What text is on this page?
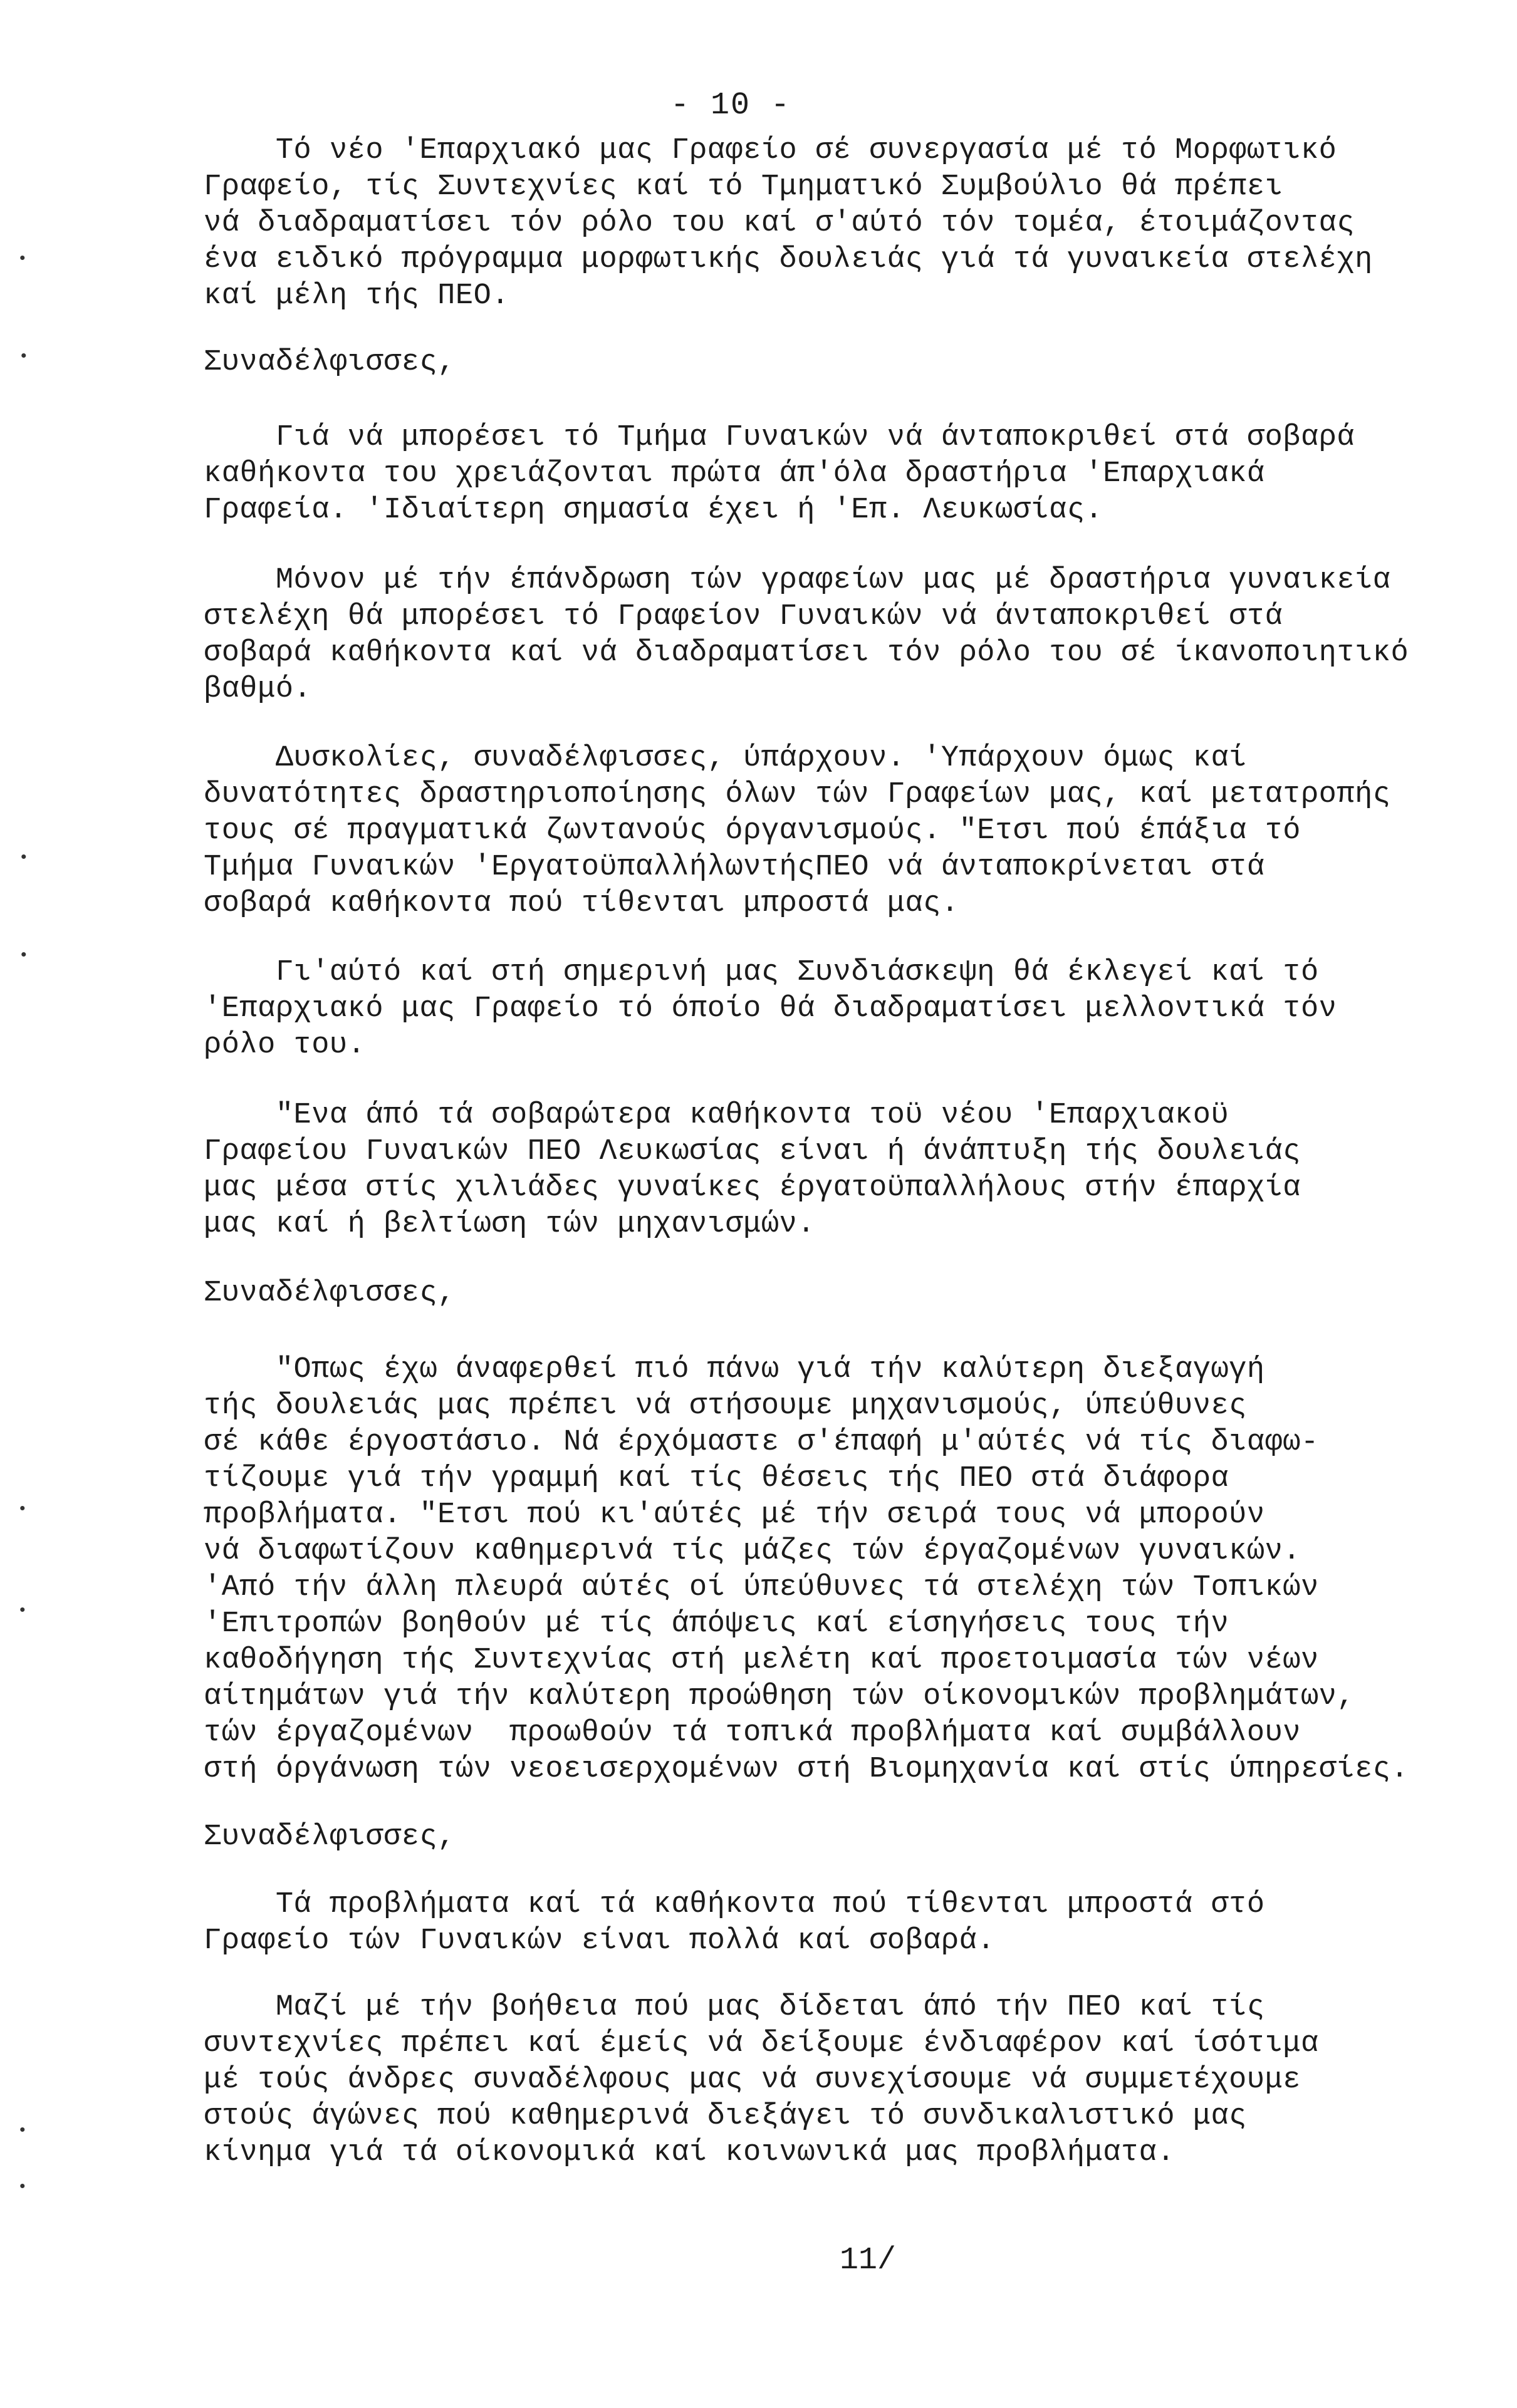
- 10 -
Τό νέο 'Επαρχιακό μας Γραφείο σέ συνεργασία μέ τό Μορφωτικό
Γραφείο, τίς Συντεχνίες καί τό Τμηματικό Συμβούλιο θά πρέπει
νά διαδραματίσει τόν ρόλο του καί σ'αύτό τόν τομέα, έτοιμάζοντας
ένα ειδικό πρόγραμμα μορφωτικής δουλειάς γιά τά γυναικεία στελέχη
καί μέλη τής ΠΕΟ.
Συναδέλφισσες,
Γιά νά μπορέσει τό Τμήμα Γυναικών νά άνταποκριθεί στά σοβαρά
καθήκοντα του χρειάζονται πρώτα άπ'όλα δραστήρια 'Επαρχιακά
Γραφεία. 'Ιδιαίτερη σημασία έχει ή 'Επ. Λευκωσίας.
Μόνον μέ τήν έπάνδρωση τών γραφείων μας μέ δραστήρια γυναικεία
στελέχη θά μπορέσει τό Γραφείον Γυναικών νά άνταποκριθεί στά
σοβαρά καθήκοντα καί νά διαδραματίσει τόν ρόλο του σέ ίκανοποιητικό
βαθμό.
Δυσκολίες, συναδέλφισσες, ύπάρχουν. 'Υπάρχουν όμως καί
δυνατότητες δραστηριοποίησης όλων τών Γραφείων μας, καί μετατροπής
τους σέ πραγματικά ζωντανούς όργανισμούς. "Ετσι πού έπάξια τό
Τμήμα Γυναικών 'ΕργατοϋπαλλήλωντήςΠΕΟ νά άνταποκρίνεται στά
σοβαρά καθήκοντα πού τίθενται μπροστά μας.
Γι'αύτό καί στή σημερινή μας Συνδιάσκεψη θά έκλεγεί καί τό
'Επαρχιακό μας Γραφείο τό όποίο θά διαδραματίσει μελλοντικά τόν
ρόλο του.
"Ενα άπό τά σοβαρώτερα καθήκοντα τοϋ νέου 'Επαρχιακοϋ
Γραφείου Γυναικών ΠΕΟ Λευκωσίας είναι ή άνάπτυξη τής δουλειάς
μας μέσα στίς χιλιάδες γυναίκες έργατοϋπαλλήλους στήν έπαρχία
μας καί ή βελτίωση τών μηχανισμών.
Συναδέλφισσες,
"Οπως έχω άναφερθεί πιό πάνω γιά τήν καλύτερη διεξαγωγή
τής δουλειάς μας πρέπει νά στήσουμε μηχανισμούς, ύπεύθυνες
σέ κάθε έργοστάσιο. Νά έρχόμαστε σ'έπαφή μ'αύτές νά τίς διαφω-
τίζουμε γιά τήν γραμμή καί τίς θέσεις τής ΠΕΟ στά διάφορα
προβλήματα. "Ετσι πού κι'αύτές μέ τήν σειρά τους νά μπορούν
νά διαφωτίζουν καθημερινά τίς μάζες τών έργαζομένων γυναικών.
'Από τήν άλλη πλευρά αύτές οί ύπεύθυνες τά στελέχη τών Τοπικών
'Επιτροπών βοηθούν μέ τίς άπόψεις καί είσηγήσεις τους τήν
καθοδήγηση τής Συντεχνίας στή μελέτη καί προετοιμασία τών νέων
αίτημάτων γιά τήν καλύτερη προώθηση τών οίκονομικών προβλημάτων,
τών έργαζομένων  προωθούν τά τοπικά προβλήματα καί συμβάλλουν
στή όργάνωση τών νεοεισερχομένων στή Βιομηχανία καί στίς ύπηρεσίες.
Συναδέλφισσες,
Τά προβλήματα καί τά καθήκοντα πού τίθενται μπροστά στό
Γραφείο τών Γυναικών είναι πολλά καί σοβαρά.
Μαζί μέ τήν βοήθεια πού μας δίδεται άπό τήν ΠΕΟ καί τίς
συντεχνίες πρέπει καί έμείς νά δείξουμε ένδιαφέρον καί ίσότιμα
μέ τούς άνδρες συναδέλφους μας νά συνεχίσουμε νά συμμετέχουμε
στούς άγώνες πού καθημερινά διεξάγει τό συνδικαλιστικό μας
κίνημα γιά τά οίκονομικά καί κοινωνικά μας προβλήματα.
11/
•
•
•
•
•
•
•
•
